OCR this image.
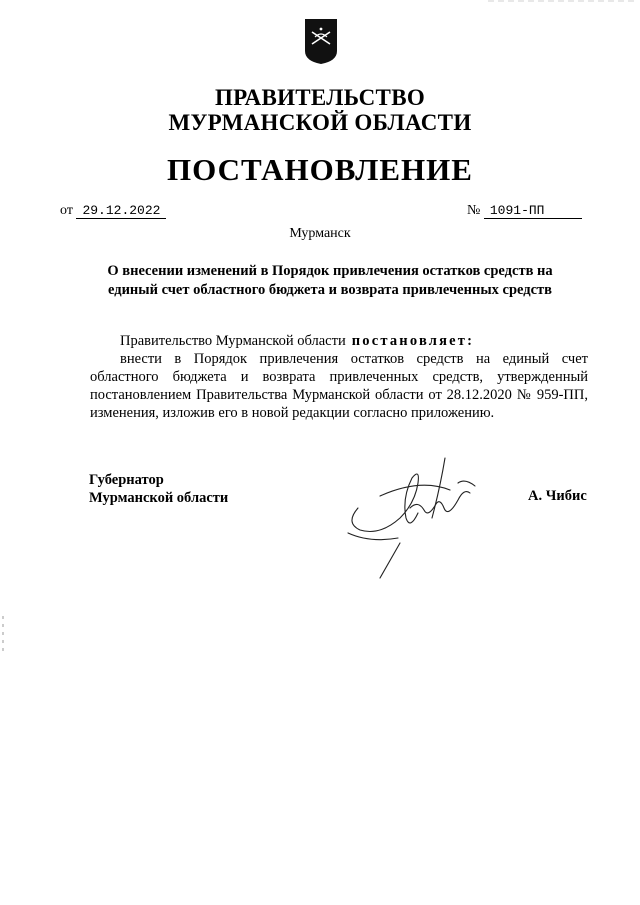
ПРАВИТЕЛЬСТВО
МУРМАНСКОЙ ОБЛАСТИ
ПОСТАНОВЛЕНИЕ
от 29.12.2022	№ 1091-ПП
Мурманск
О внесении изменений в Порядок привлечения остатков средств на
единый счет областного бюджета и возврата привлеченных средств
Правительство Мурманской области постановляет:
внести в Порядок привлечения остатков средств на единый счет областного бюджета и возврата привлеченных средств, утвержденный постановлением Правительства Мурманской области от 28.12.2020 № 959-ПП, изменения, изложив его в новой редакции согласно приложению.
Губернатор
Мурманской области	А. Чибис
